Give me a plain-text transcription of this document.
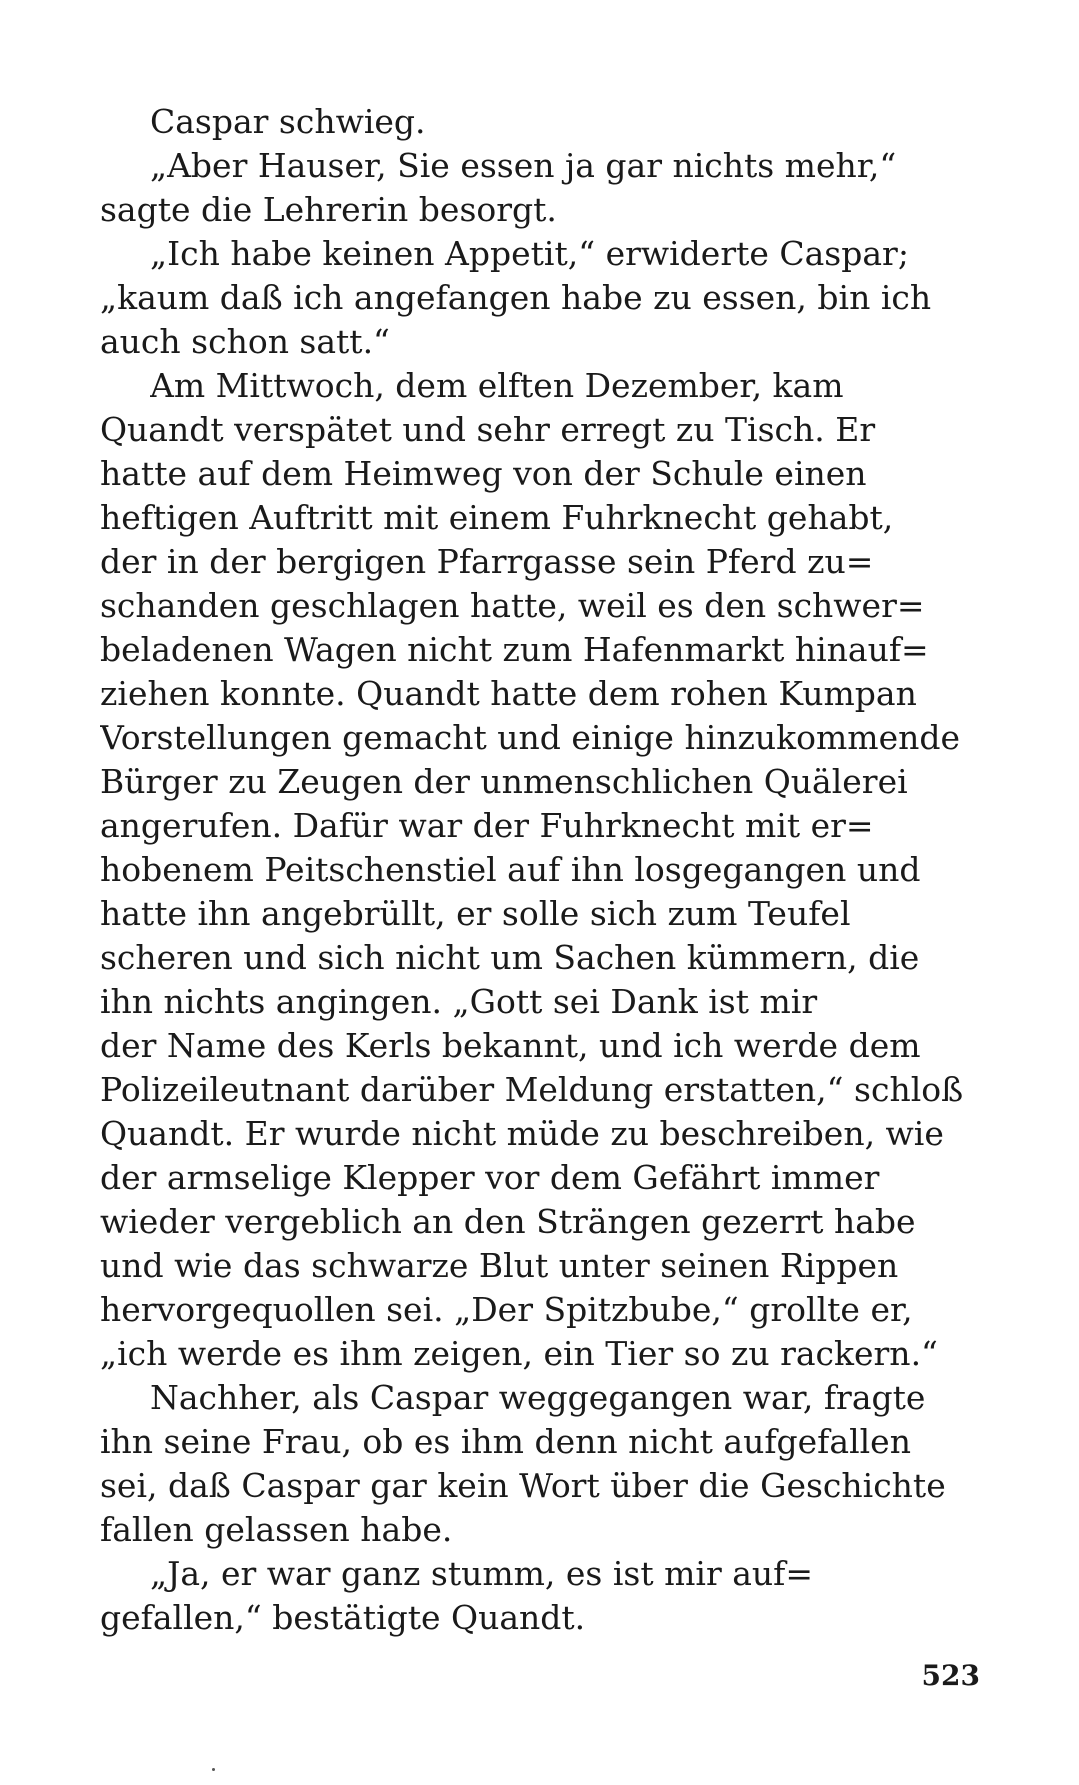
Caspar schwieg.
„Aber Hauser, Sie essen ja gar nichts mehr,“
sagte die Lehrerin besorgt.
„Ich habe keinen Appetit,“ erwiderte Caspar;
„kaum daß ich angefangen habe zu essen, bin ich
auch schon satt.“
Am Mittwoch, dem elften Dezember, kam
Quandt verspätet und sehr erregt zu Tisch. Er
hatte auf dem Heimweg von der Schule einen
heftigen Auftritt mit einem Fuhrknecht gehabt,
der in der bergigen Pfarrgasse sein Pferd zu=
schanden geschlagen hatte, weil es den schwer=
beladenen Wagen nicht zum Hafenmarkt hinauf=
ziehen konnte. Quandt hatte dem rohen Kumpan
Vorstellungen gemacht und einige hinzukommende
Bürger zu Zeugen der unmenschlichen Quälerei
angerufen. Dafür war der Fuhrknecht mit er=
hobenem Peitschenstiel auf ihn losgegangen und
hatte ihn angebrüllt, er solle sich zum Teufel
scheren und sich nicht um Sachen kümmern, die
ihn nichts angingen. „Gott sei Dank ist mir
der Name des Kerls bekannt, und ich werde dem
Polizeileutnant darüber Meldung erstatten,“ schloß
Quandt. Er wurde nicht müde zu beschreiben, wie
der armselige Klepper vor dem Gefährt immer
wieder vergeblich an den Strängen gezerrt habe
und wie das schwarze Blut unter seinen Rippen
hervorgequollen sei. „Der Spitzbube,“ grollte er,
„ich werde es ihm zeigen, ein Tier so zu rackern.“
Nachher, als Caspar weggegangen war, fragte
ihn seine Frau, ob es ihm denn nicht aufgefallen
sei, daß Caspar gar kein Wort über die Geschichte
fallen gelassen habe.
„Ja, er war ganz stumm, es ist mir auf=
gefallen,“ bestätigte Quandt.
523
